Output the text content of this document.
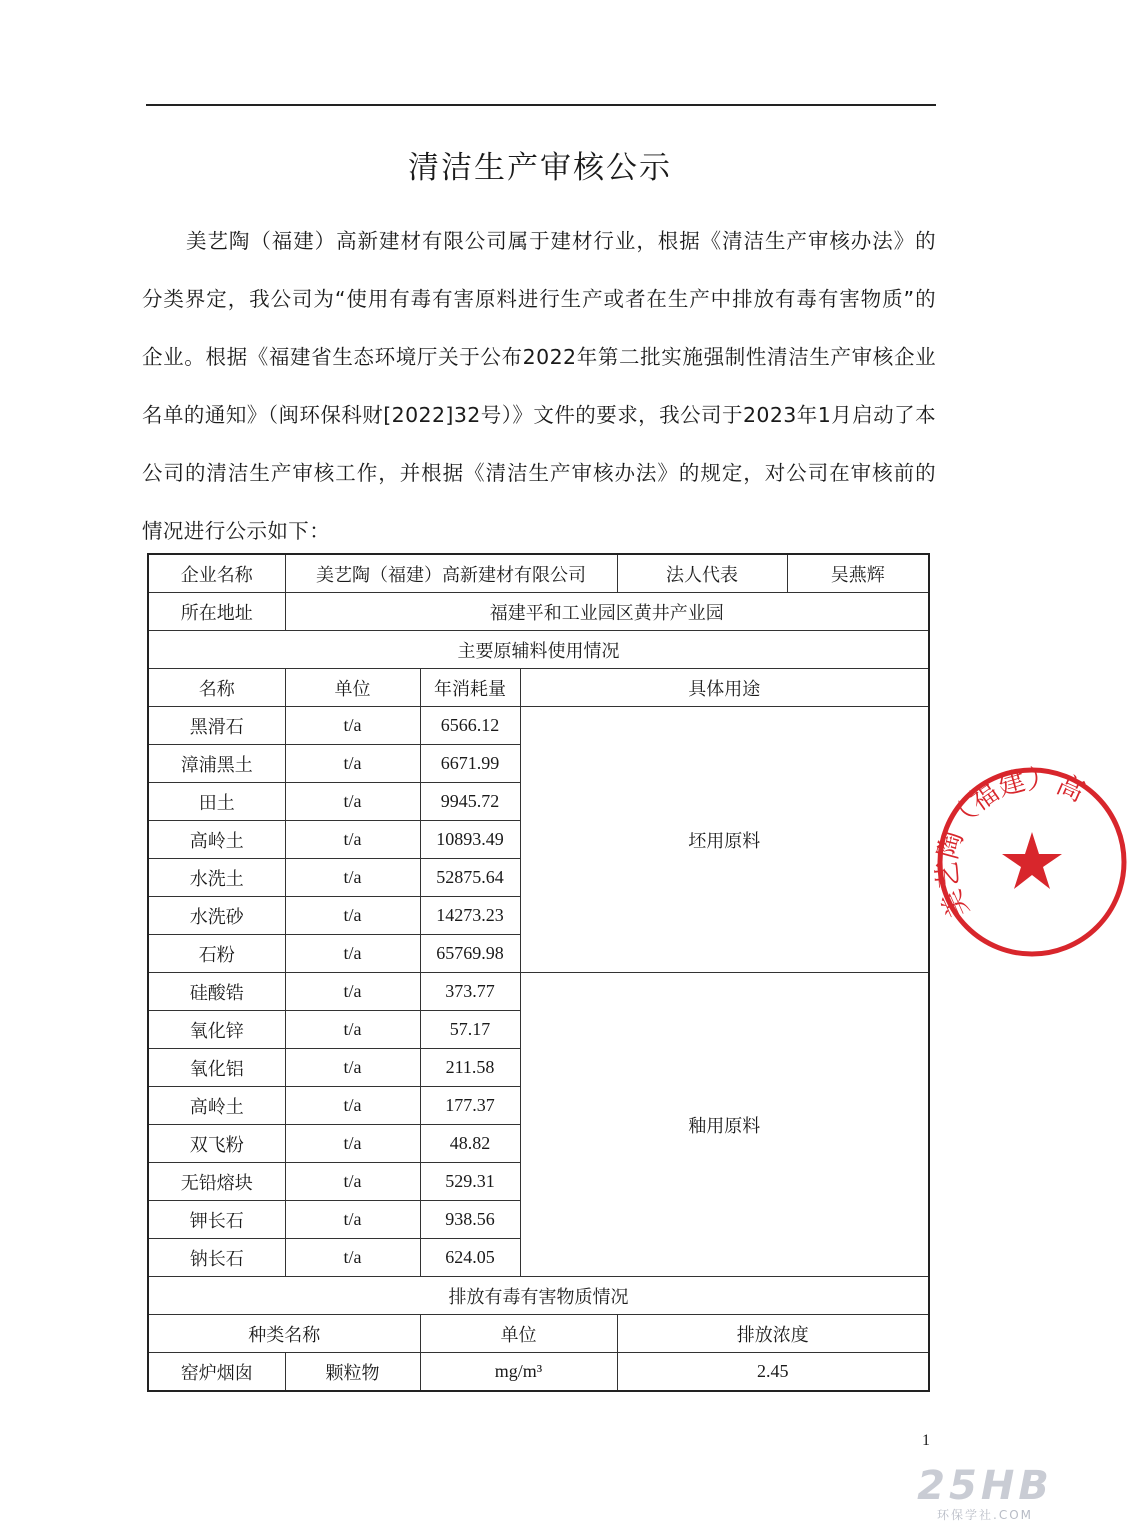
清洁生产审核公示
美艺陶（福建）高新建材有限公司属于建材行业，根据《清洁生产审核办法》的分类界定，我公司为“使用有毒有害原料进行生产或者在生产中排放有毒有害物质”的企业。根据《福建省生态环境厅关于公布2022年第二批实施强制性清洁生产审核企业名单的通知》（闽环保科财[2022]32号）》文件的要求，我公司于2023年1月启动了本公司的清洁生产审核工作，并根据《清洁生产审核办法》的规定，对公司在审核前的情况进行公示如下：
企业名称	美艺陶（福建）高新建材有限公司			法人代表	吴燕辉
所在地址	福建平和工业园区黄井产业园				
主要原辅料使用情况					
名称	单位	年消耗量	具体用途		
黑滑石	t/a	6566.12	坯用原料		
漳浦黑土	t/a	6671.99			
田土	t/a	9945.72			
高岭土	t/a	10893.49			
水洗土	t/a	52875.64			
水洗砂	t/a	14273.23			
石粉	t/a	65769.98			
硅酸锆	t/a	373.77	釉用原料		
氧化锌	t/a	57.17			
氧化铝	t/a	211.58			
高岭土	t/a	177.37			
双飞粉	t/a	48.82			
无铅熔块	t/a	529.31			
钾长石	t/a	938.56			
钠长石	t/a	624.05			
排放有毒有害物质情况					
种类名称		单位		排放浓度	
窑炉烟囱	颗粒物	mg/m³		2.45	
1
美艺陶（福建）高
25HB
环保学社.COM
